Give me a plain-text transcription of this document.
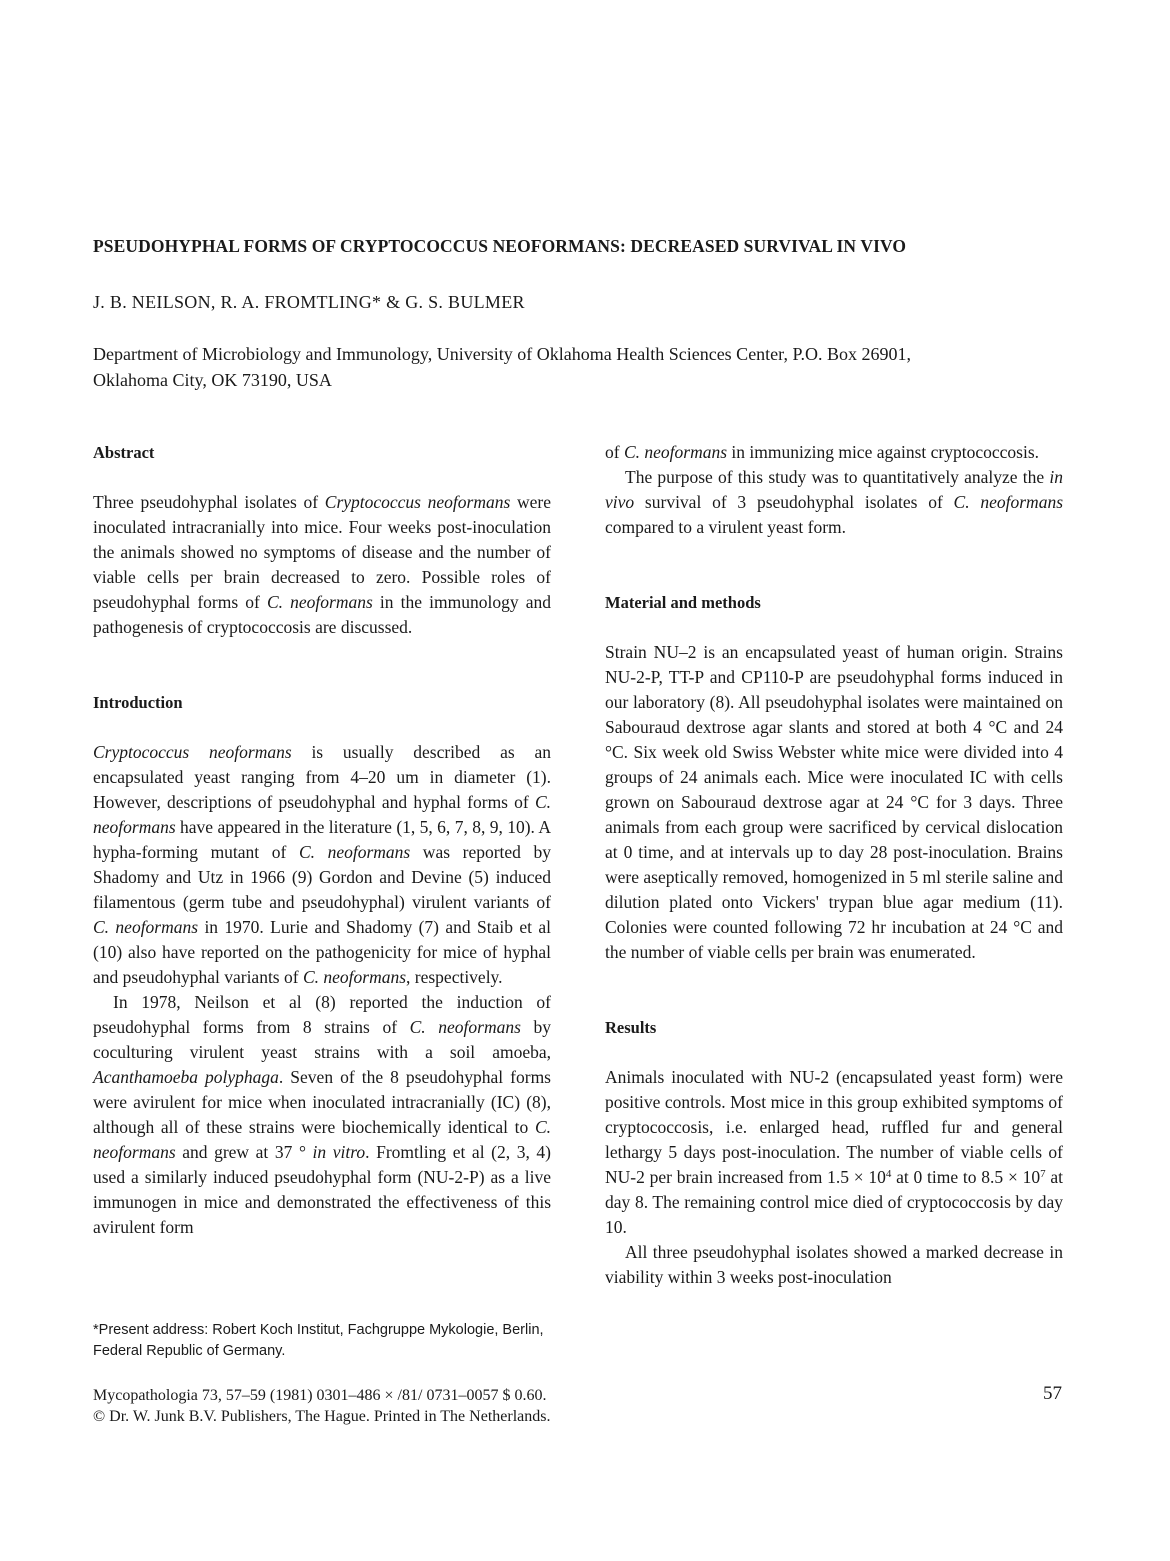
PSEUDOHYPHAL FORMS OF CRYPTOCOCCUS NEOFORMANS: DECREASED SURVIVAL IN VIVO
J. B. NEILSON, R. A. FROMTLING* & G. S. BULMER
Department of Microbiology and Immunology, University of Oklahoma Health Sciences Center, P.O. Box 26901,
Oklahoma City, OK 73190, USA

Abstract

Three pseudohyphal isolates of Cryptococcus neoformans were inoculated intracranially into mice. Four weeks post-inoculation the animals showed no symptoms of disease and the number of viable cells per brain decreased to zero. Possible roles of pseudohyphal forms of C. neoformans in the immunology and pathogenesis of cryptococcosis are discussed.

Introduction

Cryptococcus neoformans is usually described as an encapsulated yeast ranging from 4–20 um in diameter (1). However, descriptions of pseudohyphal and hyphal forms of C. neoformans have appeared in the literature (1, 5, 6, 7, 8, 9, 10). A hypha-forming mutant of C. neoformans was reported by Shadomy and Utz in 1966 (9) Gordon and Devine (5) induced filamentous (germ tube and pseudohyphal) virulent variants of C. neoformans in 1970. Lurie and Shadomy (7) and Staib et al (10) also have reported on the pathogenicity for mice of hyphal and pseudohyphal variants of C. neoformans, respectively.

In 1978, Neilson et al (8) reported the induction of pseudohyphal forms from 8 strains of C. neoformans by coculturing virulent yeast strains with a soil amoeba, Acanthamoeba polyphaga. Seven of the 8 pseudohyphal forms were avirulent for mice when inoculated intracranially (IC) (8), although all of these strains were biochemically identical to C. neoformans and grew at 37 ° in vitro. Fromtling et al (2, 3, 4) used a similarly induced pseudohyphal form (NU-2-P) as a live immunogen in mice and demonstrated the effectiveness of this avirulent form

of C. neoformans in immunizing mice against cryptococcosis.

The purpose of this study was to quantitatively analyze the in vivo survival of 3 pseudohyphal isolates of C. neoformans compared to a virulent yeast form.

Material and methods

Strain NU–2 is an encapsulated yeast of human origin. Strains NU-2-P, TT-P and CP110-P are pseudohyphal forms induced in our laboratory (8). All pseudohyphal isolates were maintained on Sabouraud dextrose agar slants and stored at both 4 °C and 24 °C. Six week old Swiss Webster white mice were divided into 4 groups of 24 animals each. Mice were inoculated IC with cells grown on Sabouraud dextrose agar at 24 °C for 3 days. Three animals from each group were sacrificed by cervical dislocation at 0 time, and at intervals up to day 28 post-inoculation. Brains were aseptically removed, homogenized in 5 ml sterile saline and dilution plated onto Vickers' trypan blue agar medium (11). Colonies were counted following 72 hr incubation at 24 °C and the number of viable cells per brain was enumerated.

Results

Animals inoculated with NU-2 (encapsulated yeast form) were positive controls. Most mice in this group exhibited symptoms of cryptococcosis, i.e. enlarged head, ruffled fur and general lethargy 5 days post-inoculation. The number of viable cells of NU-2 per brain increased from $1.5 \times 10^4$ at 0 time to $8.5 \times 10^7$ at day 8. The remaining control mice died of cryptococcosis by day 10.

All three pseudohyphal isolates showed a marked decrease in viability within 3 weeks post-inoculation

*Present address: Robert Koch Institut, Fachgruppe Mykologie, Berlin, Federal Republic of Germany.
Mycopathologia 73, 57–59 (1981) 0301–486 × /81/ 0731–0057 $ 0.60.
© Dr. W. Junk B.V. Publishers, The Hague. Printed in The Netherlands.
57
